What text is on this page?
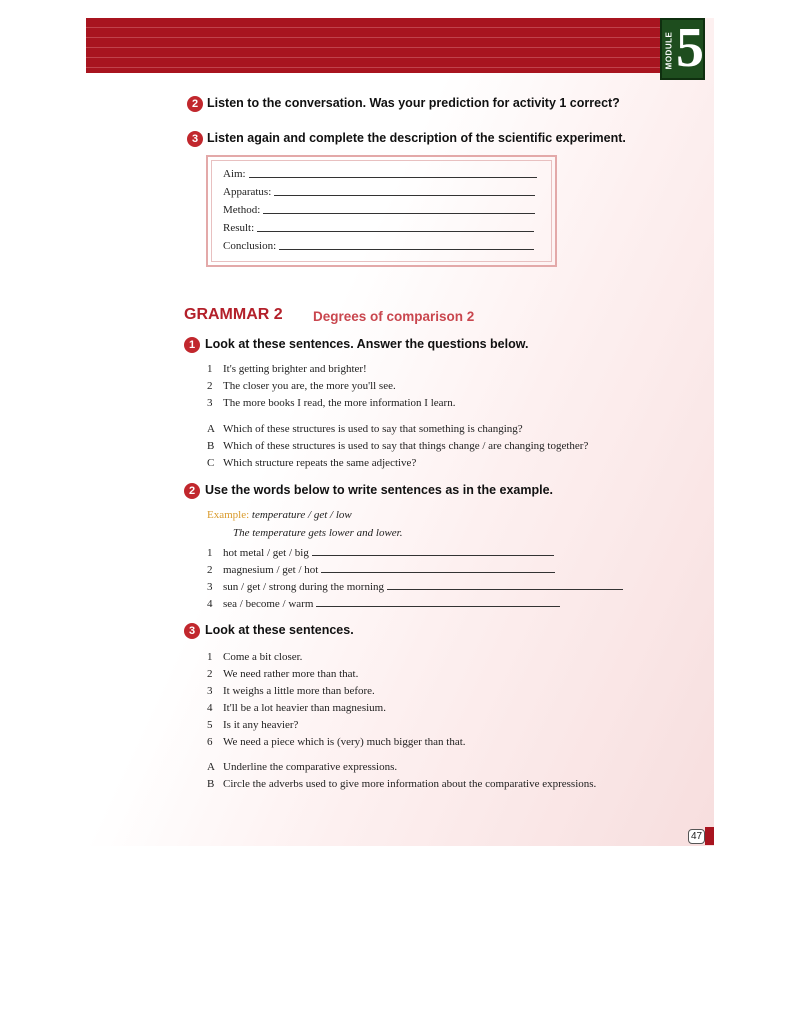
MODULE 5
2 Listen to the conversation. Was your prediction for activity 1 correct?
3 Listen again and complete the description of the scientific experiment.
Aim:
Apparatus:
Method:
Result:
Conclusion:
GRAMMAR 2 Degrees of comparison 2
1 Look at these sentences. Answer the questions below.
1 It's getting brighter and brighter!
2 The closer you are, the more you'll see.
3 The more books I read, the more information I learn.
A Which of these structures is used to say that something is changing?
B Which of these structures is used to say that things change / are changing together?
C Which structure repeats the same adjective?
2 Use the words below to write sentences as in the example.
Example: temperature / get / low
The temperature gets lower and lower.
1 hot metal / get / big
2 magnesium / get / hot
3 sun / get / strong during the morning
4 sea / become / warm
3 Look at these sentences.
1 Come a bit closer.
2 We need rather more than that.
3 It weighs a little more than before.
4 It'll be a lot heavier than magnesium.
5 Is it any heavier?
6 We need a piece which is (very) much bigger than that.
A Underline the comparative expressions.
B Circle the adverbs used to give more information about the comparative expressions.
47
